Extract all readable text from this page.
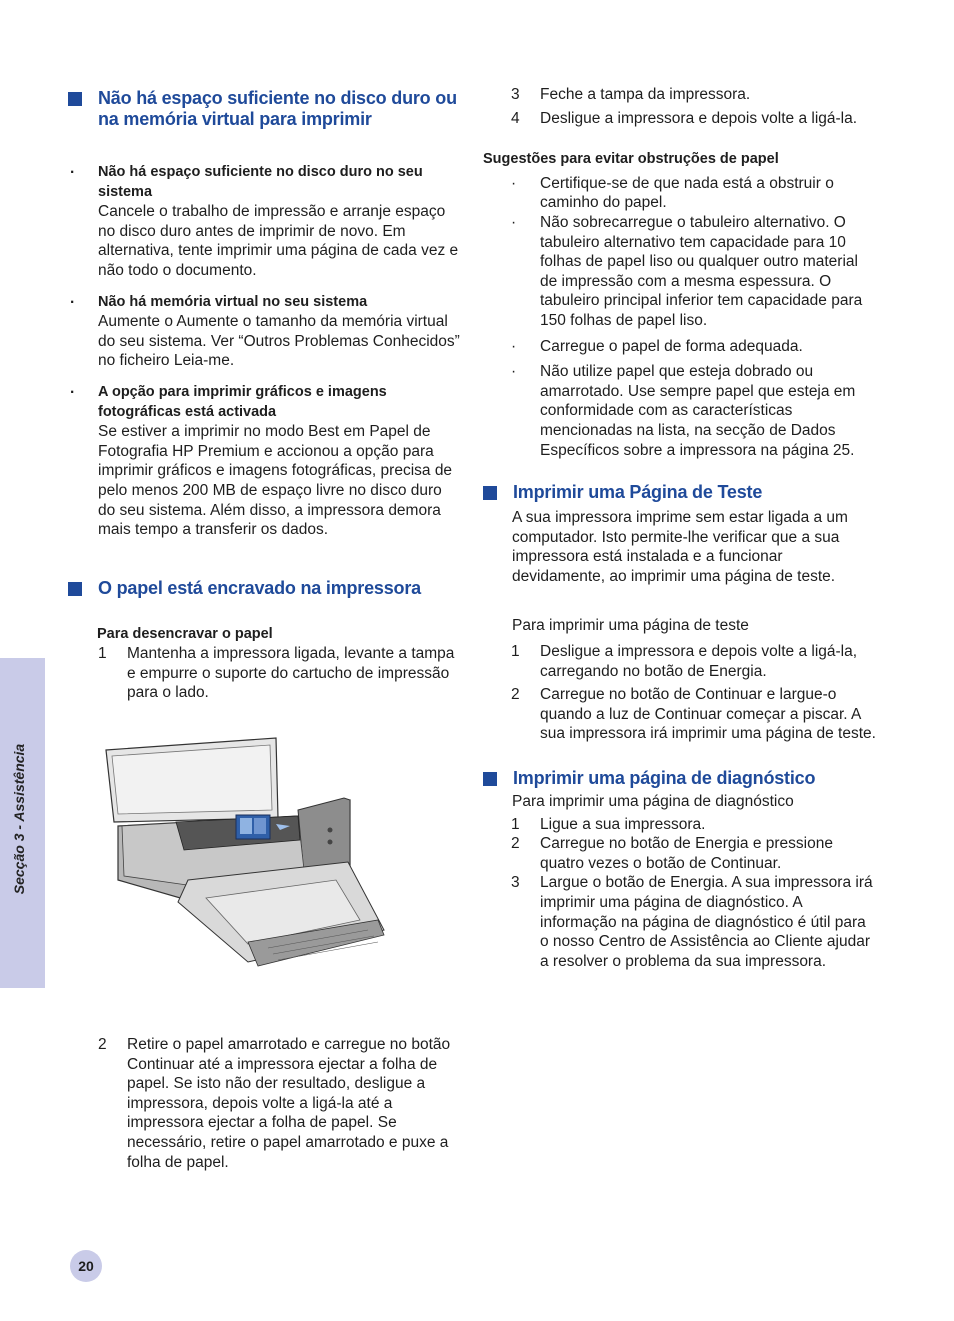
Secção 3 - Assistência
Não há espaço suficiente no disco duro ou na memória virtual para imprimir
· Não há espaço suficiente no disco duro no seu sistema
Cancele o trabalho de impressão e arranje espaço no disco duro antes de imprimir de novo. Em alternativa, tente imprimir uma página de cada vez e não todo o documento.
· Não há memória virtual no seu sistema
Aumente o Aumente o tamanho da memória virtual do seu sistema. Ver “Outros Problemas Conhecidos” no ficheiro Leia-me.
· A opção para imprimir gráficos e imagens fotográficas está activada
Se estiver a imprimir no modo Best em Papel de Fotografia HP Premium e accionou a opção para imprimir gráficos e imagens fotográficas, precisa de pelo menos 200 MB de espaço livre no disco duro do seu sistema. Além disso, a impressora demora mais tempo a transferir os dados.
O papel está encravado na impressora
Para desencravar o papel
1 Mantenha a impressora ligada, levante a tampa e empurre o suporte do cartucho de impressão para o lado.
2 Retire o papel amarrotado e carregue no botão Continuar até a impressora ejectar a folha de papel. Se isto não der resultado, desligue a impressora, depois volte a ligá-la até a impressora ejectar a folha de papel. Se necessário, retire o papel amarrotado e puxe a folha de papel.
3 Feche a tampa da impressora.
4 Desligue a impressora e depois volte a ligá-la.
Sugestões para evitar obstruções de papel
· Certifique-se de que nada está a obstruir o caminho do papel.
· Não sobrecarregue o tabuleiro alternativo. O tabuleiro alternativo tem capacidade para 10 folhas de papel liso ou qualquer outro material de impressão com a mesma espessura. O tabuleiro principal inferior tem capacidade para 150 folhas de papel liso.
· Carregue o papel de forma adequada.
· Não utilize papel que esteja dobrado ou amarrotado. Use sempre papel que esteja em conformidade com as características mencionadas na lista, na secção de Dados Específicos sobre a impressora na página 25.
Imprimir uma Página de Teste
A sua impressora imprime sem estar ligada a um computador. Isto permite-lhe verificar que a sua impressora está instalada e a funcionar devidamente, ao imprimir uma página de teste.
Para imprimir uma página de teste
1 Desligue a impressora e depois volte a ligá-la, carregando no botão de Energia.
2 Carregue no botão de Continuar e largue-o quando a luz de Continuar começar a piscar. A sua impressora irá imprimir uma página de teste.
Imprimir uma página de diagnóstico
Para imprimir uma página de diagnóstico
1 Ligue a sua impressora.
2 Carregue no botão de Energia e pressione quatro vezes o botão de Continuar.
3 Largue o botão de Energia. A sua impressora irá imprimir uma página de diagnóstico. A informação na página de diagnóstico é útil para o nosso Centro de Assistência ao Cliente ajudar a resolver o problema da sua impressora.
20
